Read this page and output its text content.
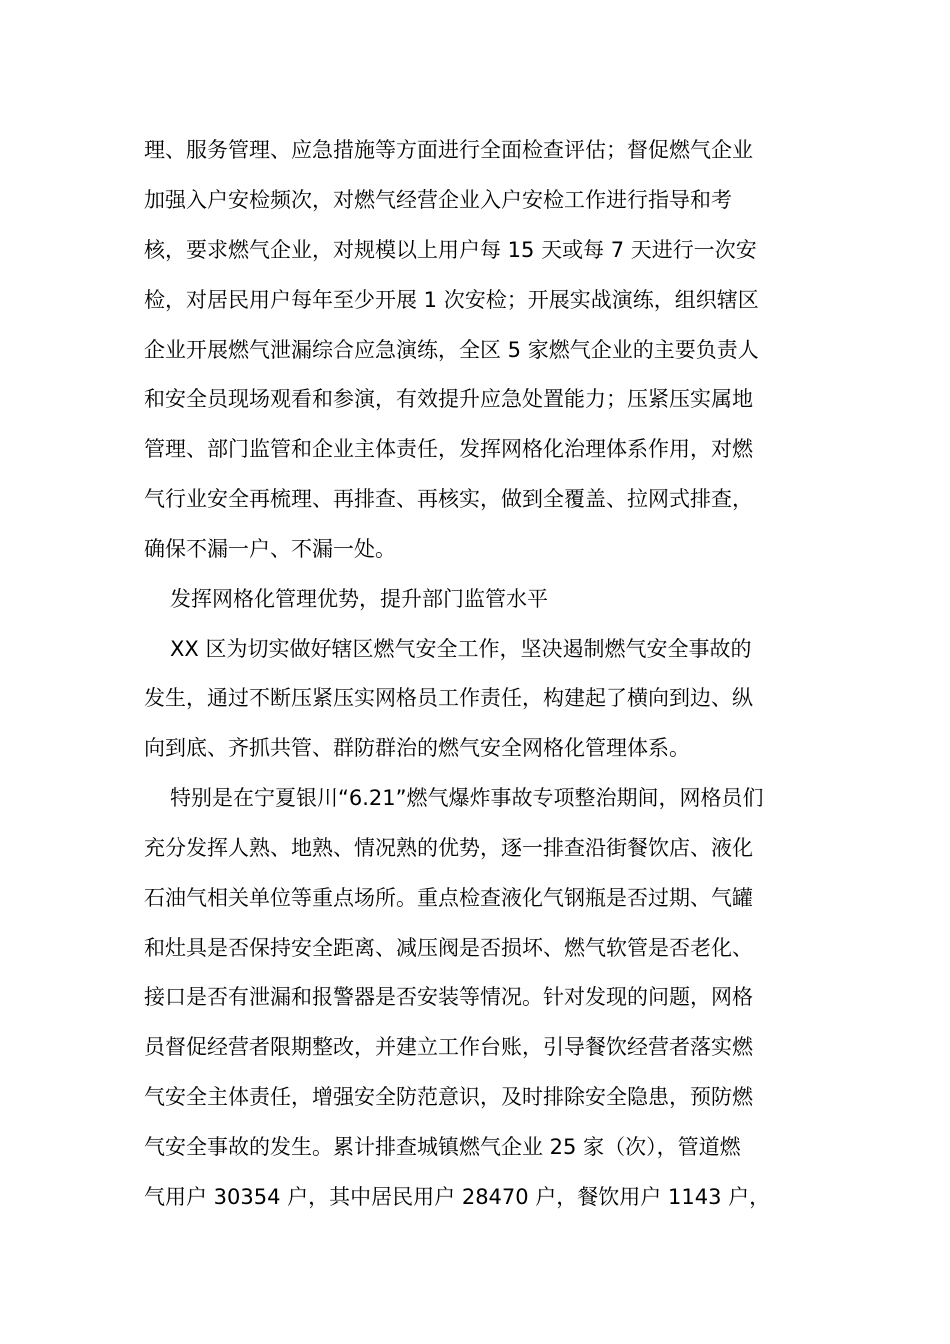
理、服务管理、应急措施等方面进行全面检查评估；督促燃气企业
加强入户安检频次，对燃气经营企业入户安检工作进行指导和考
核，要求燃气企业，对规模以上用户每 15 天或每 7 天进行一次安
检，对居民用户每年至少开展 1 次安检；开展实战演练，组织辖区
企业开展燃气泄漏综合应急演练，全区 5 家燃气企业的主要负责人
和安全员现场观看和参演，有效提升应急处置能力；压紧压实属地
管理、部门监管和企业主体责任，发挥网格化治理体系作用，对燃
气行业安全再梳理、再排查、再核实，做到全覆盖、拉网式排查，
确保不漏一户、不漏一处。
发挥网格化管理优势，提升部门监管水平
XX 区为切实做好辖区燃气安全工作，坚决遏制燃气安全事故的
发生，通过不断压紧压实网格员工作责任，构建起了横向到边、纵
向到底、齐抓共管、群防群治的燃气安全网格化管理体系。
特别是在宁夏银川“6.21”燃气爆炸事故专项整治期间，网格员们
充分发挥人熟、地熟、情况熟的优势，逐一排查沿街餐饮店、液化
石油气相关单位等重点场所。重点检查液化气钢瓶是否过期、气罐
和灶具是否保持安全距离、减压阀是否损坏、燃气软管是否老化、
接口是否有泄漏和报警器是否安装等情况。针对发现的问题，网格
员督促经营者限期整改，并建立工作台账，引导餐饮经营者落实燃
气安全主体责任，增强安全防范意识，及时排除安全隐患，预防燃
气安全事故的发生。累计排查城镇燃气企业 25 家（次），管道燃
气用户 30354 户，其中居民用户 28470 户，餐饮用户 1143 户，
